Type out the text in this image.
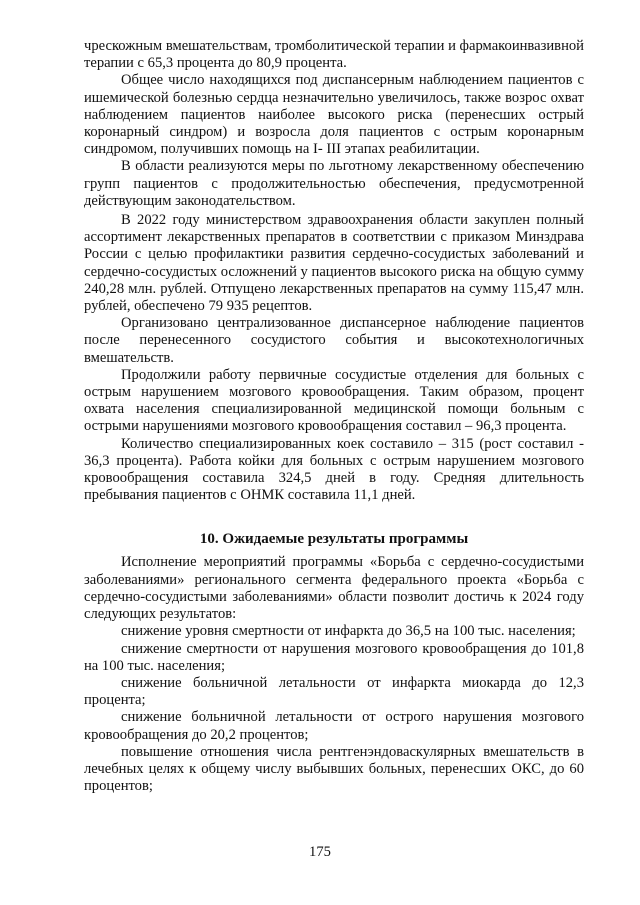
чрескожным вмешательствам, тромболитической терапии и фармакоинвазивной терапии с 65,3 процента до 80,9 процента.

Общее число находящихся под диспансерным наблюдением пациентов с ишемической болезнью сердца незначительно увеличилось, также возрос охват наблюдением пациентов наиболее высокого риска (перенесших острый коронарный синдром) и возросла доля пациентов с острым коронарным синдромом, получивших помощь на I- III этапах реабилитации.

В области реализуются меры по льготному лекарственному обеспечению групп пациентов с продолжительностью обеспечения, предусмотренной действующим законодательством.

В 2022 году министерством здравоохранения области закуплен полный ассортимент лекарственных препаратов в соответствии с приказом Минздрава России с целью профилактики развития сердечно-сосудистых заболеваний и сердечно-сосудистых осложнений у пациентов высокого риска на общую сумму 240,28 млн. рублей. Отпущено лекарственных препаратов на сумму 115,47 млн. рублей, обеспечено 79 935 рецептов.

Организовано централизованное диспансерное наблюдение пациентов после перенесенного сосудистого события и высокотехнологичных вмешательств.

Продолжили работу первичные сосудистые отделения для больных с острым нарушением мозгового кровообращения. Таким образом, процент охвата населения специализированной медицинской помощи больным с острыми нарушениями мозгового кровообращения составил – 96,3 процента.

Количество специализированных коек составило – 315 (рост составил - 36,3 процента). Работа койки для больных с острым нарушением мозгового кровообращения составила 324,5 дней в году. Средняя длительность пребывания пациентов с ОНМК составила 11,1 дней.

10. Ожидаемые результаты программы

Исполнение мероприятий программы «Борьба с сердечно-сосудистыми заболеваниями» регионального сегмента федерального проекта «Борьба с сердечно-сосудистыми заболеваниями» области позволит достичь к 2024 году следующих результатов:

снижение уровня смертности от инфаркта до 36,5 на 100 тыс. населения;

снижение смертности от нарушения мозгового кровообращения до 101,8 на 100 тыс. населения;

снижение больничной летальности от инфаркта миокарда до 12,3 процента;

снижение больничной летальности от острого нарушения мозгового кровообращения до 20,2 процентов;

повышение отношения числа рентгенэндоваскулярных вмешательств в лечебных целях к общему числу выбывших больных, перенесших ОКС, до 60 процентов;

175
